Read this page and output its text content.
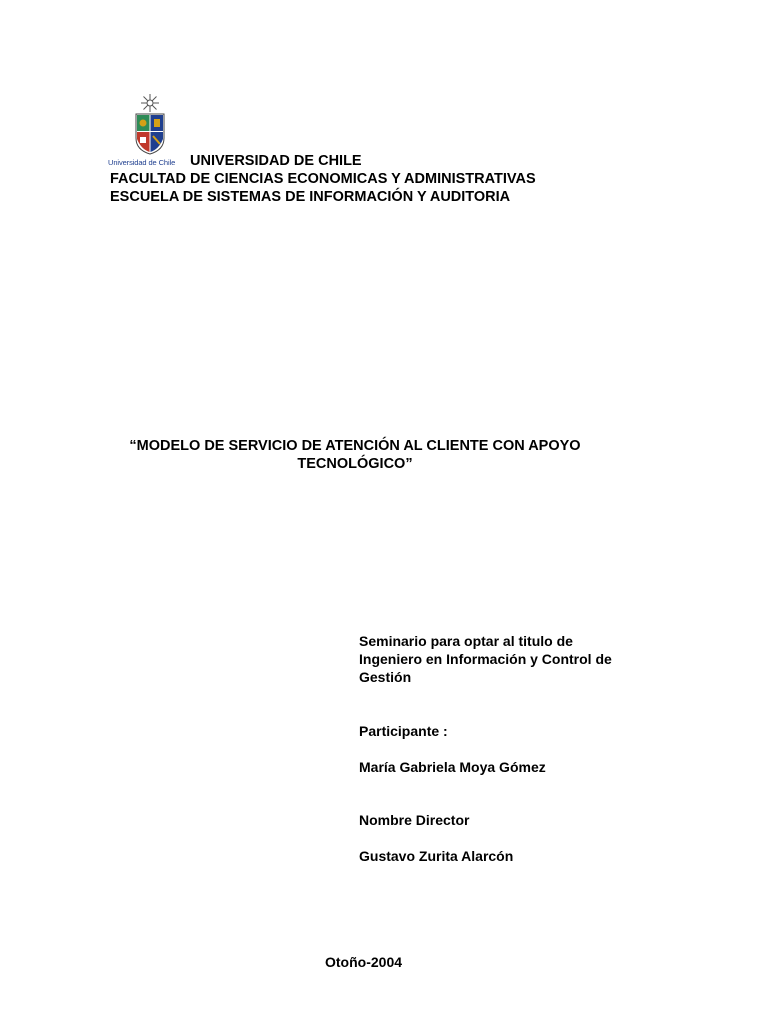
Universidad de Chile	UNIVERSIDAD DE CHILE
FACULTAD DE CIENCIAS ECONOMICAS Y ADMINISTRATIVAS
ESCUELA DE SISTEMAS DE INFORMACIÓN Y AUDITORIA
“MODELO DE SERVICIO DE ATENCIÓN AL CLIENTE CON APOYO
TECNOLÓGICO”
Seminario para optar al titulo de Ingeniero en Información y Control de Gestión
Participante :
María Gabriela Moya Gómez
Nombre Director
Gustavo Zurita Alarcón
Otoño-2004
